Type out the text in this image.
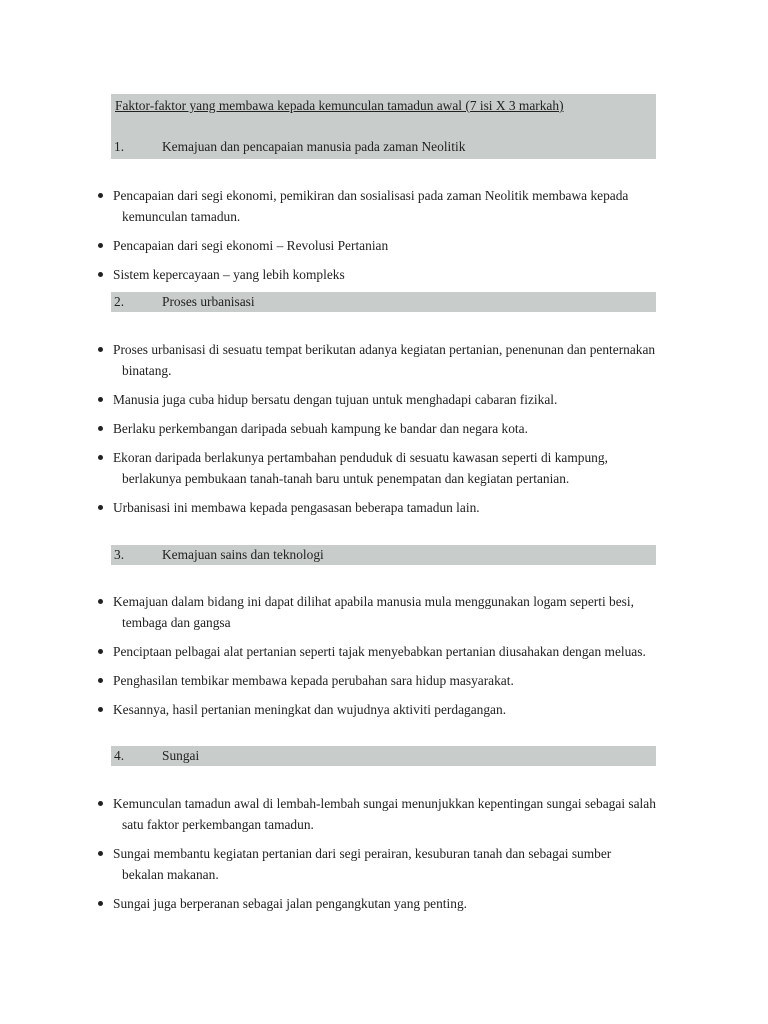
Faktor-faktor yang membawa kepada kemunculan tamadun awal (7 isi X 3 markah)
1.	Kemajuan dan pencapaian manusia pada zaman Neolitik
Pencapaian dari segi ekonomi, pemikiran dan sosialisasi pada zaman Neolitik membawa kepada kemunculan tamadun.
Pencapaian dari segi ekonomi – Revolusi Pertanian
Sistem kepercayaan – yang lebih kompleks
2.	Proses urbanisasi
Proses urbanisasi di sesuatu tempat berikutan adanya kegiatan pertanian, penenunan dan penternakan binatang.
Manusia juga cuba hidup bersatu dengan tujuan untuk menghadapi cabaran fizikal.
Berlaku perkembangan daripada sebuah kampung ke bandar dan negara kota.
Ekoran daripada berlakunya pertambahan penduduk di sesuatu kawasan seperti di kampung, berlakunya pembukaan tanah-tanah baru untuk penempatan dan kegiatan pertanian.
Urbanisasi ini membawa kepada pengasasan beberapa tamadun lain.
3.	Kemajuan sains dan teknologi
Kemajuan dalam bidang ini dapat dilihat apabila manusia mula menggunakan logam seperti besi, tembaga dan gangsa
Penciptaan pelbagai alat pertanian seperti tajak menyebabkan pertanian diusahakan dengan meluas.
Penghasilan tembikar membawa kepada perubahan sara hidup masyarakat.
Kesannya, hasil pertanian meningkat dan wujudnya aktiviti perdagangan.
4.	Sungai
Kemunculan tamadun awal di lembah-lembah sungai menunjukkan kepentingan sungai sebagai salah satu faktor perkembangan tamadun.
Sungai membantu kegiatan pertanian dari segi perairan, kesuburan tanah dan sebagai sumber bekalan makanan.
Sungai juga berperanan sebagai jalan pengangkutan yang penting.
